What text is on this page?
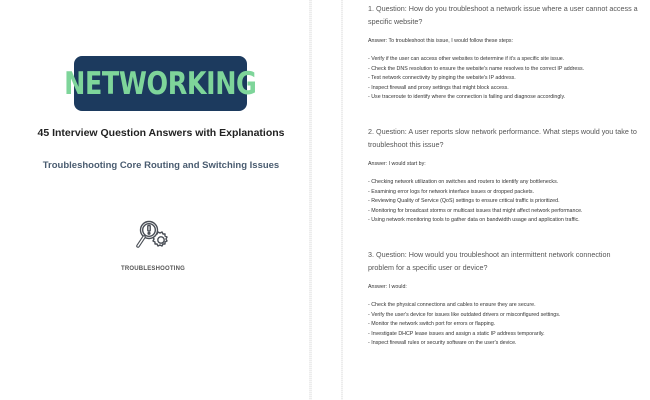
NETWORKING
45 Interview Question Answers with Explanations
Troubleshooting Core Routing and Switching Issues
TROUBLESHOOTING
1. Question: How do you troubleshoot a network issue where a user cannot access a specific website?
Answer: To troubleshoot this issue, I would follow these steps:
- Verify if the user can access other websites to determine if it's a specific site issue.
- Check the DNS resolution to ensure the website's name resolves to the correct IP address.
- Test network connectivity by pinging the website's IP address.
- Inspect firewall and proxy settings that might block access.
- Use traceroute to identify where the connection is failing and diagnose accordingly.
2. Question: A user reports slow network performance. What steps would you take to troubleshoot this issue?
Answer: I would start by:
- Checking network utilization on switches and routers to identify any bottlenecks.
- Examining error logs for network interface issues or dropped packets.
- Reviewing Quality of Service (QoS) settings to ensure critical traffic is prioritized.
- Monitoring for broadcast storms or multicast issues that might affect network performance.
- Using network monitoring tools to gather data on bandwidth usage and application traffic.
3. Question: How would you troubleshoot an intermittent network connection problem for a specific user or device?
Answer: I would:
- Check the physical connections and cables to ensure they are secure.
- Verify the user's device for issues like outdated drivers or misconfigured settings.
- Monitor the network switch port for errors or flapping.
- Investigate DHCP lease issues and assign a static IP address temporarily.
- Inspect firewall rules or security software on the user's device.
